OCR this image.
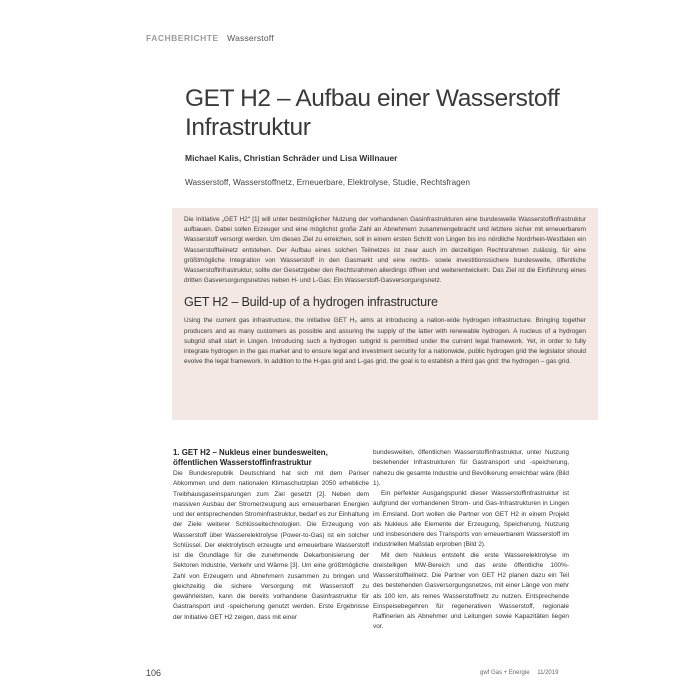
FACHBERICHTE Wasserstoff
GET H2 – Aufbau einer Wasserstoff Infrastruktur

Michael Kalis, Christian Schräder und Lisa Willnauer

Wasserstoff, Wasserstoffnetz, Erneuerbare, Elektrolyse, Studie, Rechtsfragen

Die Initiative „GET H2“ [1] will unter bestmöglicher Nutzung der vorhandenen Gasinfrastrukturen eine bundesweite Wasserstoffinfrastruktur aufbauen. Dabei sollen Erzeuger und eine möglichst große Zahl an Abnehmern zusammengebracht und letztere sicher mit erneuerbarem Wasserstoff versorgt werden. Um dieses Ziel zu erreichen, soll in einem ersten Schritt von Lingen bis ins nördliche Nordrhein-Westfalen ein Wasserstoffteilnetz entstehen. Der Aufbau eines solchen Teilnetzes ist zwar auch im derzeitigen Rechtsrahmen zulässig, für eine größtmögliche Integration von Wasserstoff in den Gasmarkt und eine rechts- sowie investitionssichere bundesweite, öffentliche Wasserstoffinfrastruktur, sollte der Gesetzgeber den Rechtsrahmen allerdings öffnen und weiterentwickeln. Das Ziel ist die Einführung eines dritten Gasversorgungsnetzes neben H- und L-Gas: Ein Wasserstoff-Gasversorgungsnetz.

GET H2 – Build-up of a hydrogen infrastructure

Using the current gas infrastructure, the initiative GET H₂ aims at introducing a nation-wide hydrogen infrastructure. Bringing together producers and as many customers as possible and assuring the supply of the latter with renewable hydrogen. A nucleus of a hydrogen subgrid shall start in Lingen. Introducing such a hydrogen subgrid is permitted under the current legal framework. Yet, in order to fully integrate hydrogen in the gas market and to ensure legal and investment security for a nationwide, public hydrogen grid the legislator should evolve the legal framework. In addition to the H-gas grid and L-gas grid, the goal is to establish a third gas grid: the hydrogen – gas grid.

1. GET H2 – Nukleus einer bundesweiten, öffentlichen Wasserstoffinfrastruktur

Die Bundesrepublik Deutschland hat sich mit dem Pariser Abkommen und dem nationalen Klimaschutzplan 2050 erhebliche Treibhausgaseinsparungen zum Ziel gesetzt [2]. Neben dem massiven Ausbau der Stromerzeugung aus erneuerbaren Energien und der entsprechenden Strominfrastruktur, bedarf es zur Einhaltung der Ziele weiterer Schlüsseltechnologien. Die Erzeugung von Wasserstoff über Wasserelektrolyse (Power-to-Gas) ist ein solcher Schlüssel. Der elektrolytisch erzeugte und erneuerbare Wasserstoff ist die Grundlage für die zunehmende Dekarbonisierung der Sektoren Industrie, Verkehr und Wärme [3]. Um eine größtmögliche Zahl von Erzeugern und Abnehmern zusammen zu bringen und gleichzeitig die sichere Versorgung mit Wasserstoff zu gewährleisten, kann die bereits vorhandene Gasinfrastruktur für Gastransport und -speicherung genutzt werden. Erste Ergebnisse der Initiative GET H2 zeigen, dass mit einer

bundesweiten, öffentlichen Wasserstoffinfrastruktur, unter Nutzung bestehender Infrastrukturen für Gastransport und -speicherung, nahezu die gesamte Industrie und Bevölkerung erreichbar wäre (Bild 1).

Ein perfekter Ausgangspunkt dieser Wasserstoffinfrastruktur ist aufgrund der vorhandenen Strom- und Gas-Infrastrukturen in Lingen im Emsland. Dort wollen die Partner von GET H2 in einem Projekt als Nukleus alle Elemente der Erzeugung, Speicherung, Nutzung und insbesondere des Transports von erneuerbarem Wasserstoff im industriellen Maßstab erproben (Bild 2).

Mit dem Nukleus entsteht die erste Wasserelektrolyse im dreistelligen MW-Bereich und das erste öffentliche 100%-Wasserstoffteilnetz. Die Partner von GET H2 planen dazu ein Teil des bestehenden Gasversorgungsnetzes, mit einer Länge von mehr als 100 km, als reines Wasserstoffnetz zu nutzen. Entsprechende Einspeisebegehren für regenerativen Wasserstoff, regionale Raffinerien als Abnehmer und Leitungen sowie Kapazitäten liegen vor.

106	gwf Gas + Energie 11/2019
